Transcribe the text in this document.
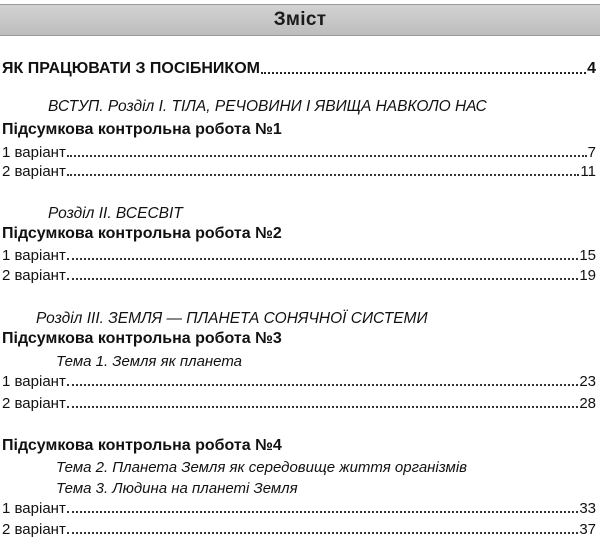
Зміст
ЯК ПРАЦЮВАТИ З ПОСІБНИКОМ	4
ВСТУП. Розділ І. ТІЛА, РЕЧОВИНИ І ЯВИЩА НАВКОЛО НАС
Підсумкова контрольна робота №1
1 варіант	7
2 варіант	11
Розділ II. ВСЕСВІТ
Підсумкова контрольна робота №2
1 варіант	15
2 варіант	19
Розділ III. ЗЕМЛЯ — ПЛАНЕТА СОНЯЧНОЇ СИСТЕМИ
Підсумкова контрольна робота №3
Тема 1. Земля як планета
1 варіант	23
2 варіант	28
Підсумкова контрольна робота №4
Тема 2. Планета Земля як середовище життя організмів
Тема 3. Людина на планеті Земля
1 варіант	33
2 варіант	37
